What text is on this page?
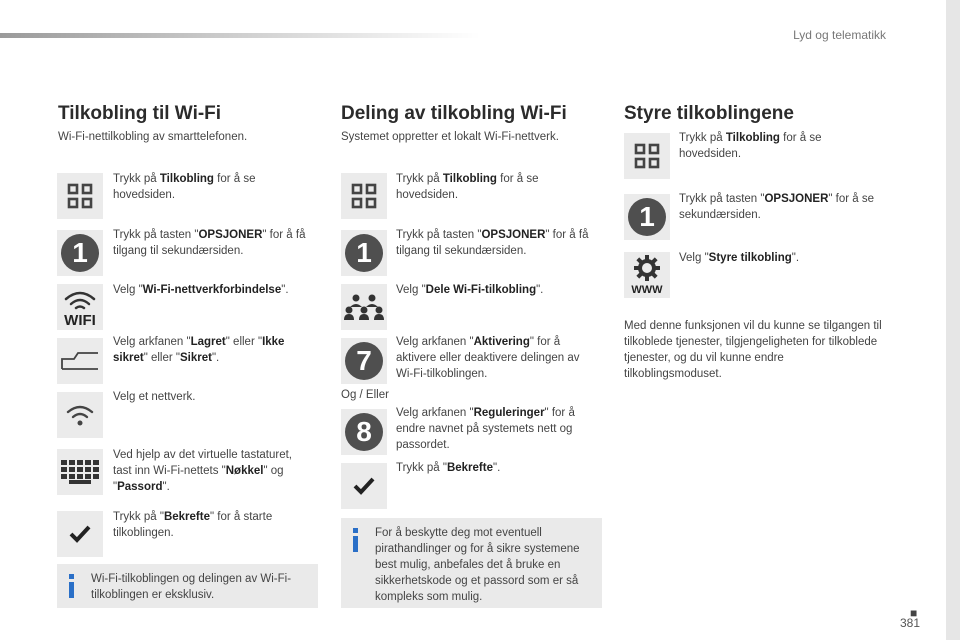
Lyd og telematikk
■
381
Tilkobling til Wi-Fi
Wi-Fi-nettilkobling av smarttelefonen.
Trykk på Tilkobling for å se hovedsiden.
1
Trykk på tasten "OPSJONER" for å få tilgang til sekundærsiden.
WIFI
Velg "Wi-Fi-nettverkforbindelse".
Velg arkfanen "Lagret" eller "Ikke sikret" eller "Sikret".
Velg et nettverk.
Ved hjelp av det virtuelle tastaturet, tast inn Wi-Fi-nettets "Nøkkel" og "Passord".
Trykk på "Bekrefte" for å starte tilkoblingen.
Wi-Fi-tilkoblingen og delingen av Wi-Fi-tilkoblingen er eksklusiv.
Deling av tilkobling Wi-Fi
Systemet oppretter et lokalt Wi-Fi-nettverk.
Trykk på Tilkobling for å se hovedsiden.
1
Trykk på tasten "OPSJONER" for å få tilgang til sekundærsiden.
Velg "Dele Wi-Fi-tilkobling".
7
Velg arkfanen "Aktivering" for å aktivere eller deaktivere delingen av Wi-Fi-tilkoblingen.
Og / Eller
8
Velg arkfanen "Reguleringer" for å endre navnet på systemets nett og passordet.
Trykk på "Bekrefte".
For å beskytte deg mot eventuell pirathandlinger og for å sikre systemene best mulig, anbefales det å bruke en sikkerhetskode og et passord som er så kompleks som mulig.
Styre tilkoblingene
Trykk på Tilkobling for å se hovedsiden.
1
Trykk på tasten "OPSJONER" for å se sekundærsiden.
WWW
Velg "Styre tilkobling".
Med denne funksjonen vil du kunne se tilgangen til tilkoblede tjenester, tilgjengeligheten for tilkoblede tjenester, og du vil kunne endre tilkoblingsmoduset.
